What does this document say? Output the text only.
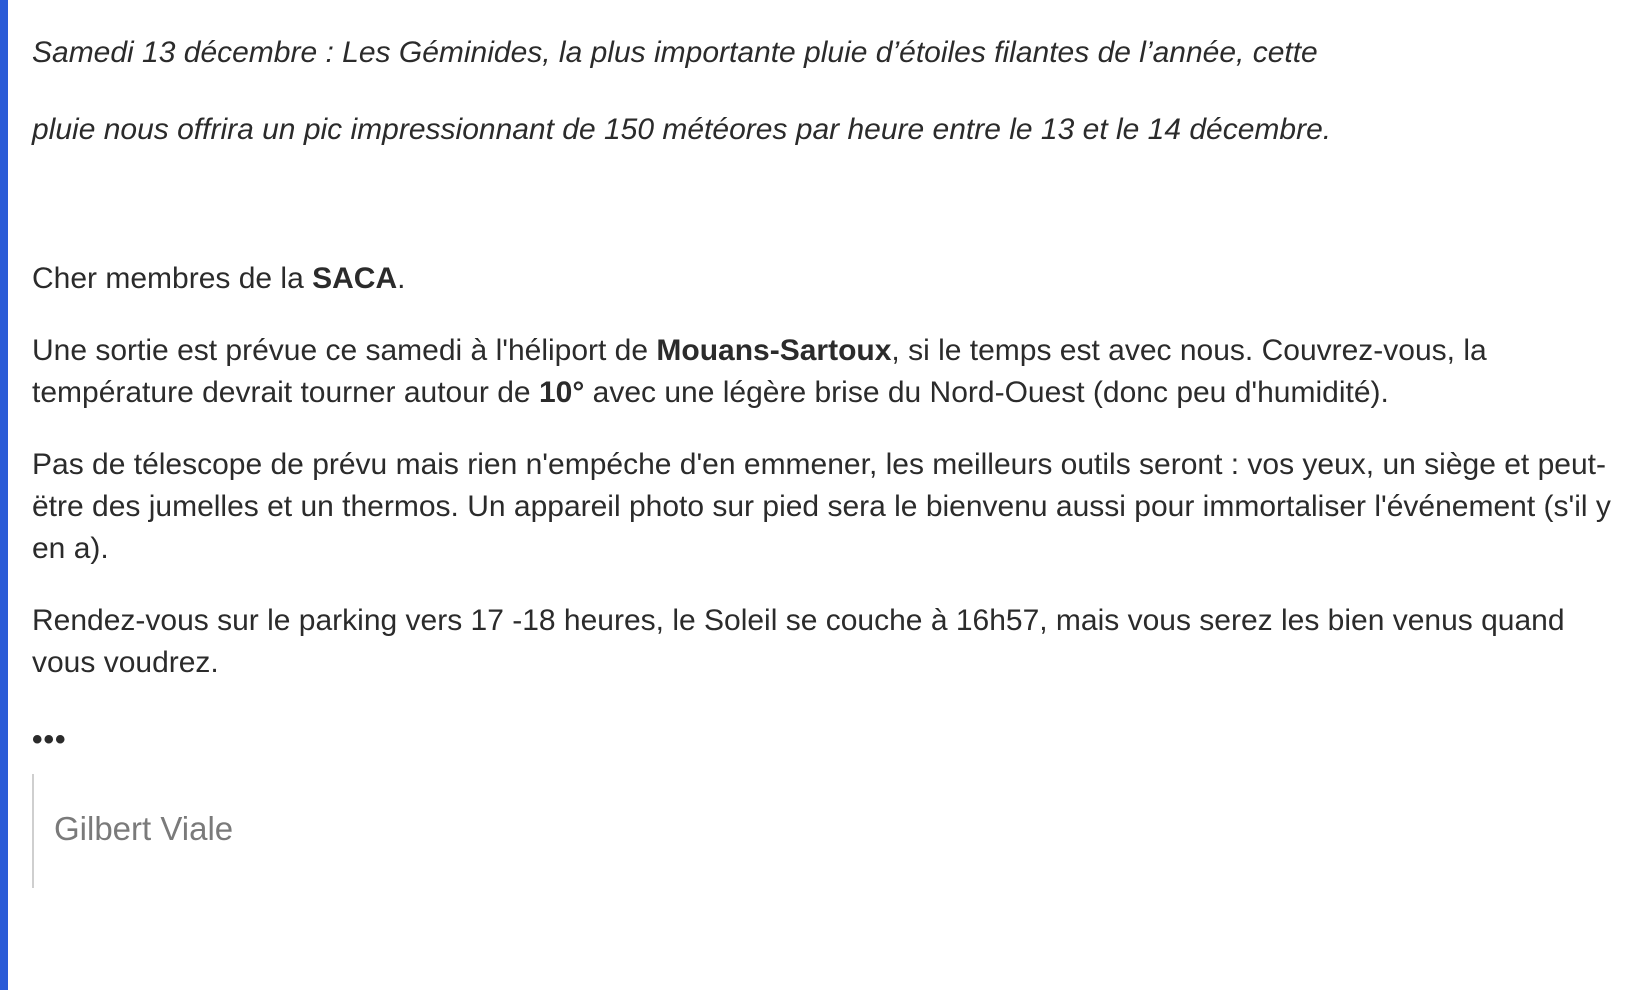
Samedi 13 décembre : Les Géminides, la plus importante pluie d’étoiles filantes de l’année, cette
pluie nous offrira un pic impressionnant de 150 météores par heure entre le 13 et le 14 décembre.

Cher membres de la SACA.

Une sortie est prévue ce samedi à l'héliport de Mouans-Sartoux, si le temps est avec nous. Couvrez-vous, la température devrait tourner autour de 10° avec une légère brise du Nord-Ouest (donc peu d'humidité).

Pas de télescope de prévu mais rien n'empéche d'en emmener, les meilleurs outils seront : vos yeux, un siège et peut-ëtre des jumelles et un thermos. Un appareil photo sur pied sera le bienvenu aussi pour immortaliser l'événement (s'il y en a).

Rendez-vous sur le parking vers 17 -18 heures, le Soleil se couche à 16h57, mais vous serez les bien venus quand vous voudrez.

•••
Gilbert Viale
